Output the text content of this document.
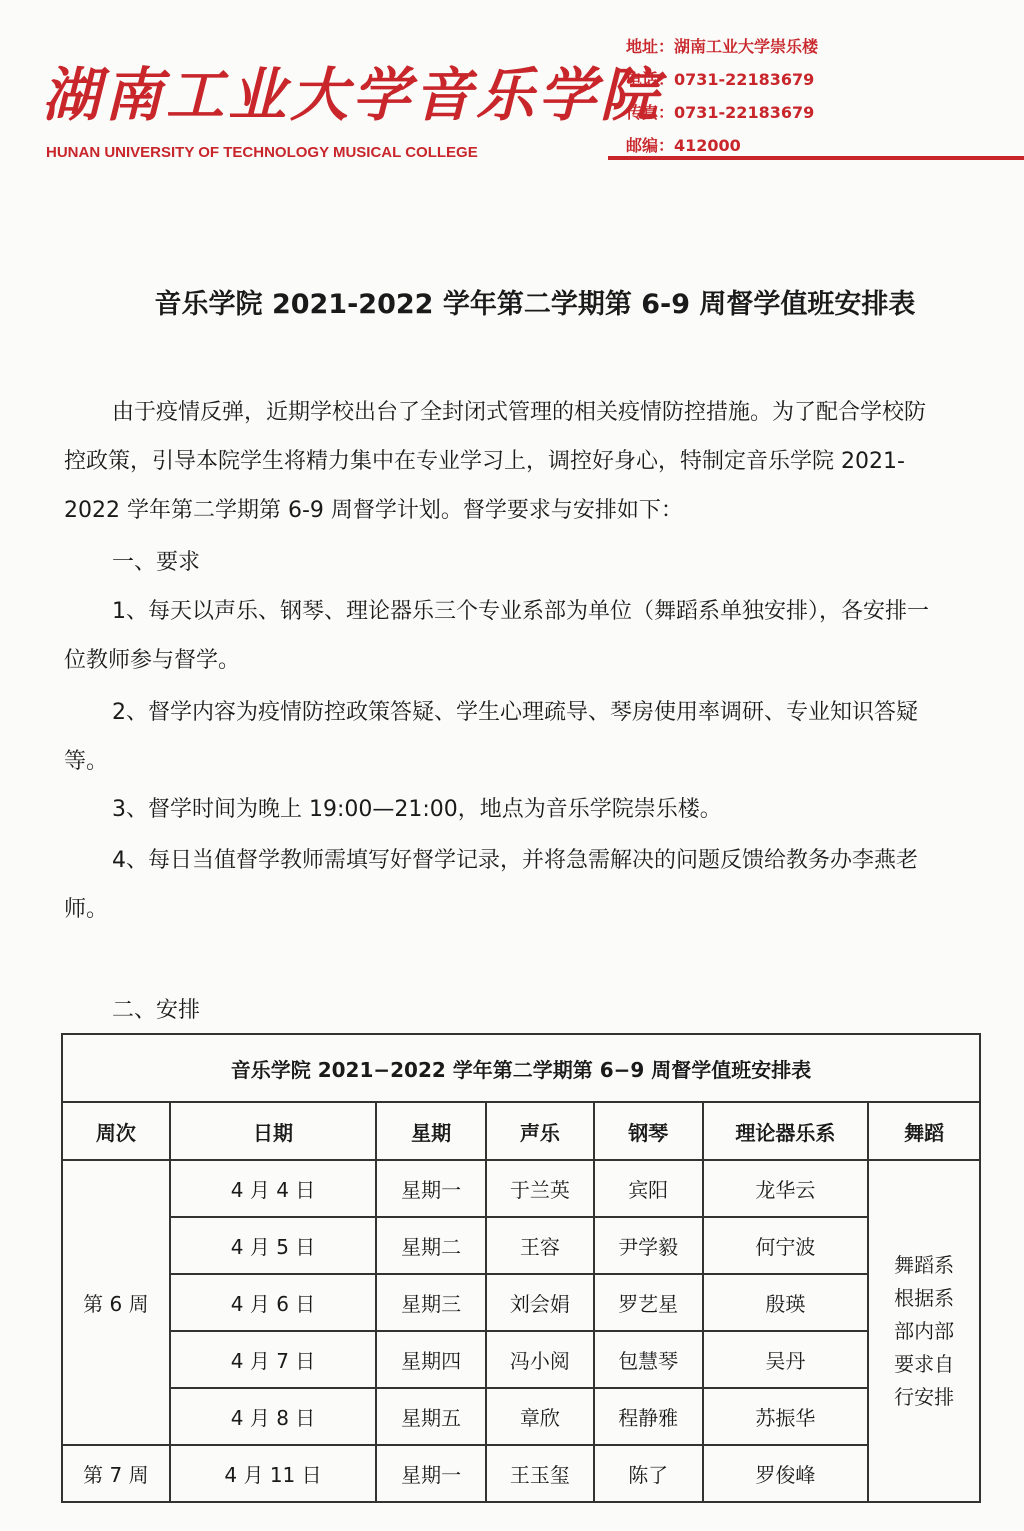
湖南工业大学音乐学院
HUNAN UNIVERSITY OF TECHNOLOGY MUSICAL COLLEGE
地址：湖南工业大学崇乐楼
电话：0731-22183679
传真：0731-22183679
邮编：412000
音乐学院 2021-2022 学年第二学期第 6-9 周督学值班安排表
由于疫情反弹，近期学校出台了全封闭式管理的相关疫情防控措施。为了配合学校防控政策，引导本院学生将精力集中在专业学习上，调控好身心，特制定音乐学院 2021-2022 学年第二学期第 6-9 周督学计划。督学要求与安排如下：
一、要求
1、每天以声乐、钢琴、理论器乐三个专业系部为单位（舞蹈系单独安排），各安排一位教师参与督学。
2、督学内容为疫情防控政策答疑、学生心理疏导、琴房使用率调研、专业知识答疑等。
3、督学时间为晚上 19:00—21:00，地点为音乐学院崇乐楼。
4、每日当值督学教师需填写好督学记录，并将急需解决的问题反馈给教务办李燕老师。
二、安排
音乐学院 2021−2022 学年第二学期第 6−9 周督学值班安排表						
周次	日期	星期	声乐	钢琴	理论器乐系	舞蹈
第 6 周	4 月 4 日	星期一	于兰英	宾阳	龙华云	舞蹈系
根据系
部内部
要求自
行安排

	4 月 5 日	星期二	王容	尹学毅	何宁波	
	4 月 6 日	星期三	刘会娟	罗艺星	殷瑛	
	4 月 7 日	星期四	冯小阅	包慧琴	吴丹	
	4 月 8 日	星期五	章欣	程静雅	苏振华	
第 7 周	4 月 11 日	星期一	王玉玺	陈了	罗俊峰	
